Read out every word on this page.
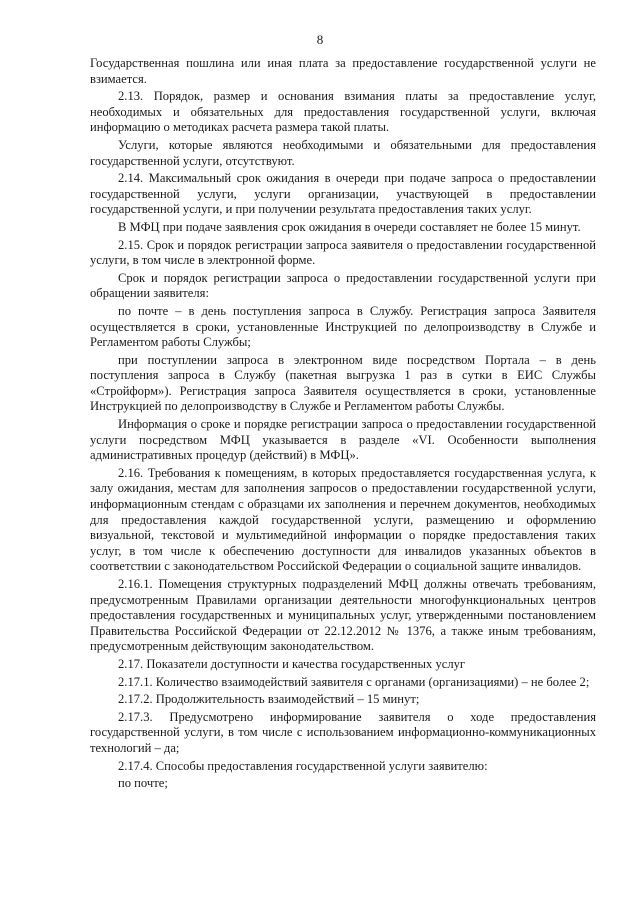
8

Государственная пошлина или иная плата за предоставление государственной услуги не взимается.

2.13. Порядок, размер и основания взимания платы за предоставление услуг, необходимых и обязательных для предоставления государственной услуги, включая информацию о методиках расчета размера такой платы.

Услуги, которые являются необходимыми и обязательными для предоставления государственной услуги, отсутствуют.

2.14. Максимальный срок ожидания в очереди при подаче запроса о предоставлении государственной услуги, услуги организации, участвующей в предоставлении государственной услуги, и при получении результата предоставления таких услуг.

В МФЦ при подаче заявления срок ожидания в очереди составляет не более 15 минут.

2.15. Срок и порядок регистрации запроса заявителя о предоставлении государственной услуги, в том числе в электронной форме.

Срок и порядок регистрации запроса о предоставлении государственной услуги при обращении заявителя:

по почте – в день поступления запроса в Службу. Регистрация запроса Заявителя осуществляется в сроки, установленные Инструкцией по делопроизводству в Службе и Регламентом работы Службы;

при поступлении запроса в электронном виде посредством Портала – в день поступления запроса в Службу (пакетная выгрузка 1 раз в сутки в ЕИС Службы «Стройформ»). Регистрация запроса Заявителя осуществляется в сроки, установленные Инструкцией по делопроизводству в Службе и Регламентом работы Службы.

Информация о сроке и порядке регистрации запроса о предоставлении государственной услуги посредством МФЦ указывается в разделе «VI. Особенности выполнения административных процедур (действий) в МФЦ».

2.16. Требования к помещениям, в которых предоставляется государственная услуга, к залу ожидания, местам для заполнения запросов о предоставлении государственной услуги, информационным стендам с образцами их заполнения и перечнем документов, необходимых для предоставления каждой государственной услуги, размещению и оформлению визуальной, текстовой и мультимедийной информации о порядке предоставления таких услуг, в том числе к обеспечению доступности для инвалидов указанных объектов в соответствии с законодательством Российской Федерации о социальной защите инвалидов.

2.16.1. Помещения структурных подразделений МФЦ должны отвечать требованиям, предусмотренным Правилами организации деятельности многофункциональных центров предоставления государственных и муниципальных услуг, утвержденными постановлением Правительства Российской Федерации от 22.12.2012 № 1376, а также иным требованиям, предусмотренным действующим законодательством.

2.17. Показатели доступности и качества государственных услуг

2.17.1. Количество взаимодействий заявителя с органами (организациями) – не более 2;

2.17.2. Продолжительность взаимодействий – 15 минут;

2.17.3. Предусмотрено информирование заявителя о ходе предоставления государственной услуги, в том числе с использованием информационно-коммуникационных технологий – да;

2.17.4. Способы предоставления государственной услуги заявителю:

по почте;
